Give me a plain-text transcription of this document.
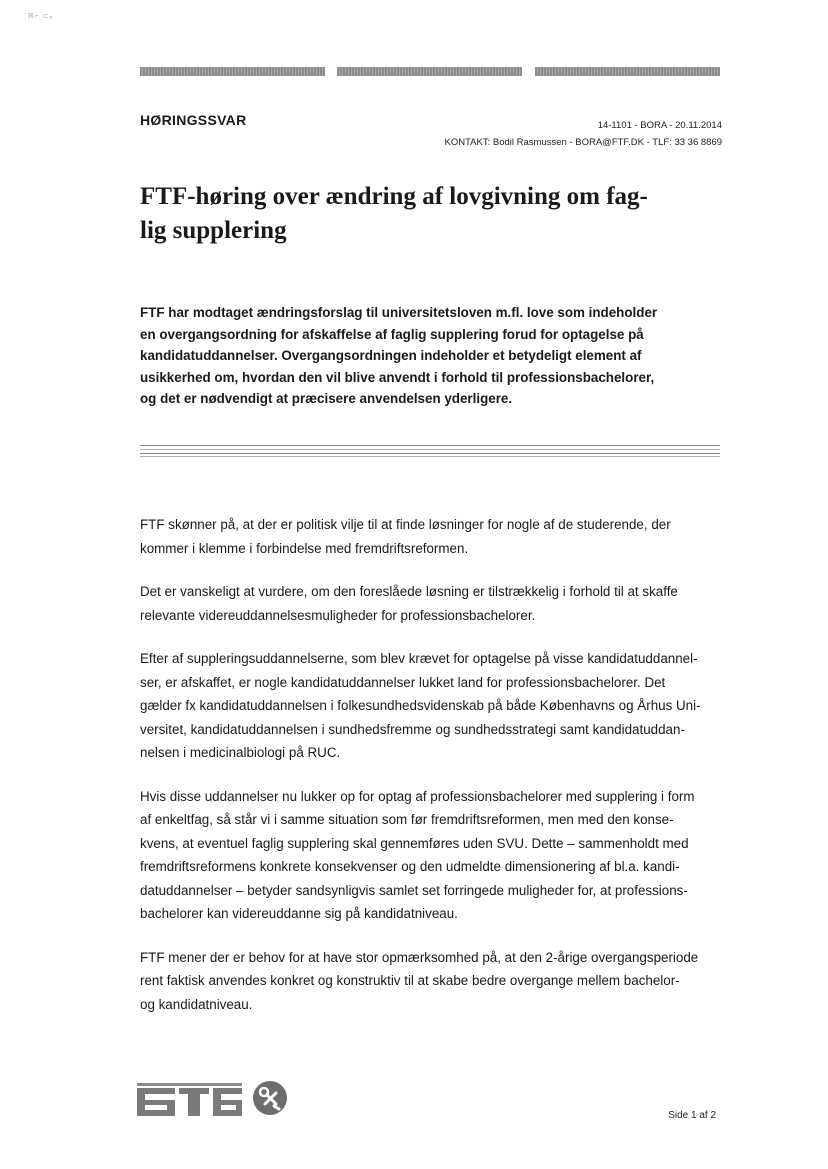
ℝ⌐ ⊂ₑ
HØRINGSSVAR	14-1101 - BORA - 20.11.2014
KONTAKT: Bodil Rasmussen - BORA@FTF.DK - TLF: 33 36 8869
FTF-høring over ændring af lovgivning om fag-
lig supplering
FTF har modtaget ændringsforslag til universitetsloven m.fl. love som indeholder
en overgangsordning for afskaffelse af faglig supplering forud for optagelse på
kandidatuddannelser. Overgangsordningen indeholder et betydeligt element af
usikkerhed om, hvordan den vil blive anvendt i forhold til professionsbachelorer,
og det er nødvendigt at præcisere anvendelsen yderligere.

FTF skønner på, at der er politisk vilje til at finde løsninger for nogle af de studerende, der
kommer i klemme i forbindelse med fremdriftsreformen.

Det er vanskeligt at vurdere, om den foreslåede løsning er tilstrækkelig i forhold til at skaffe
relevante videreuddannelsesmuligheder for professionsbachelorer.

Efter af suppleringsuddannelserne, som blev krævet for optagelse på visse kandidatuddannel-
ser, er afskaffet, er nogle kandidatuddannelser lukket land for professionsbachelorer. Det
gælder fx kandidatuddannelsen i folkesundhedsvidenskab på både Københavns og Århus Uni-
versitet, kandidatuddannelsen i sundhedsfremme og sundhedsstrategi samt kandidatuddan-
nelsen i medicinalbiologi på RUC.

Hvis disse uddannelser nu lukker op for optag af professionsbachelorer med supplering i form
af enkeltfag, så står vi i samme situation som før fremdriftsreformen, men med den konse-
kvens, at eventuel faglig supplering skal gennemføres uden SVU. Dette – sammenholdt med
fremdriftsreformens konkrete konsekvenser og den udmeldte dimensionering af bl.a. kandi-
datuddannelser – betyder sandsynligvis samlet set forringede muligheder for, at professions-
bachelorer kan videreuddanne sig på kandidatniveau.

FTF mener der er behov for at have stor opmærksomhed på, at den 2-årige overgangsperiode
rent faktisk anvendes konkret og konstruktiv til at skabe bedre overgange mellem bachelor-
og kandidatniveau.

Side 1 af 2
